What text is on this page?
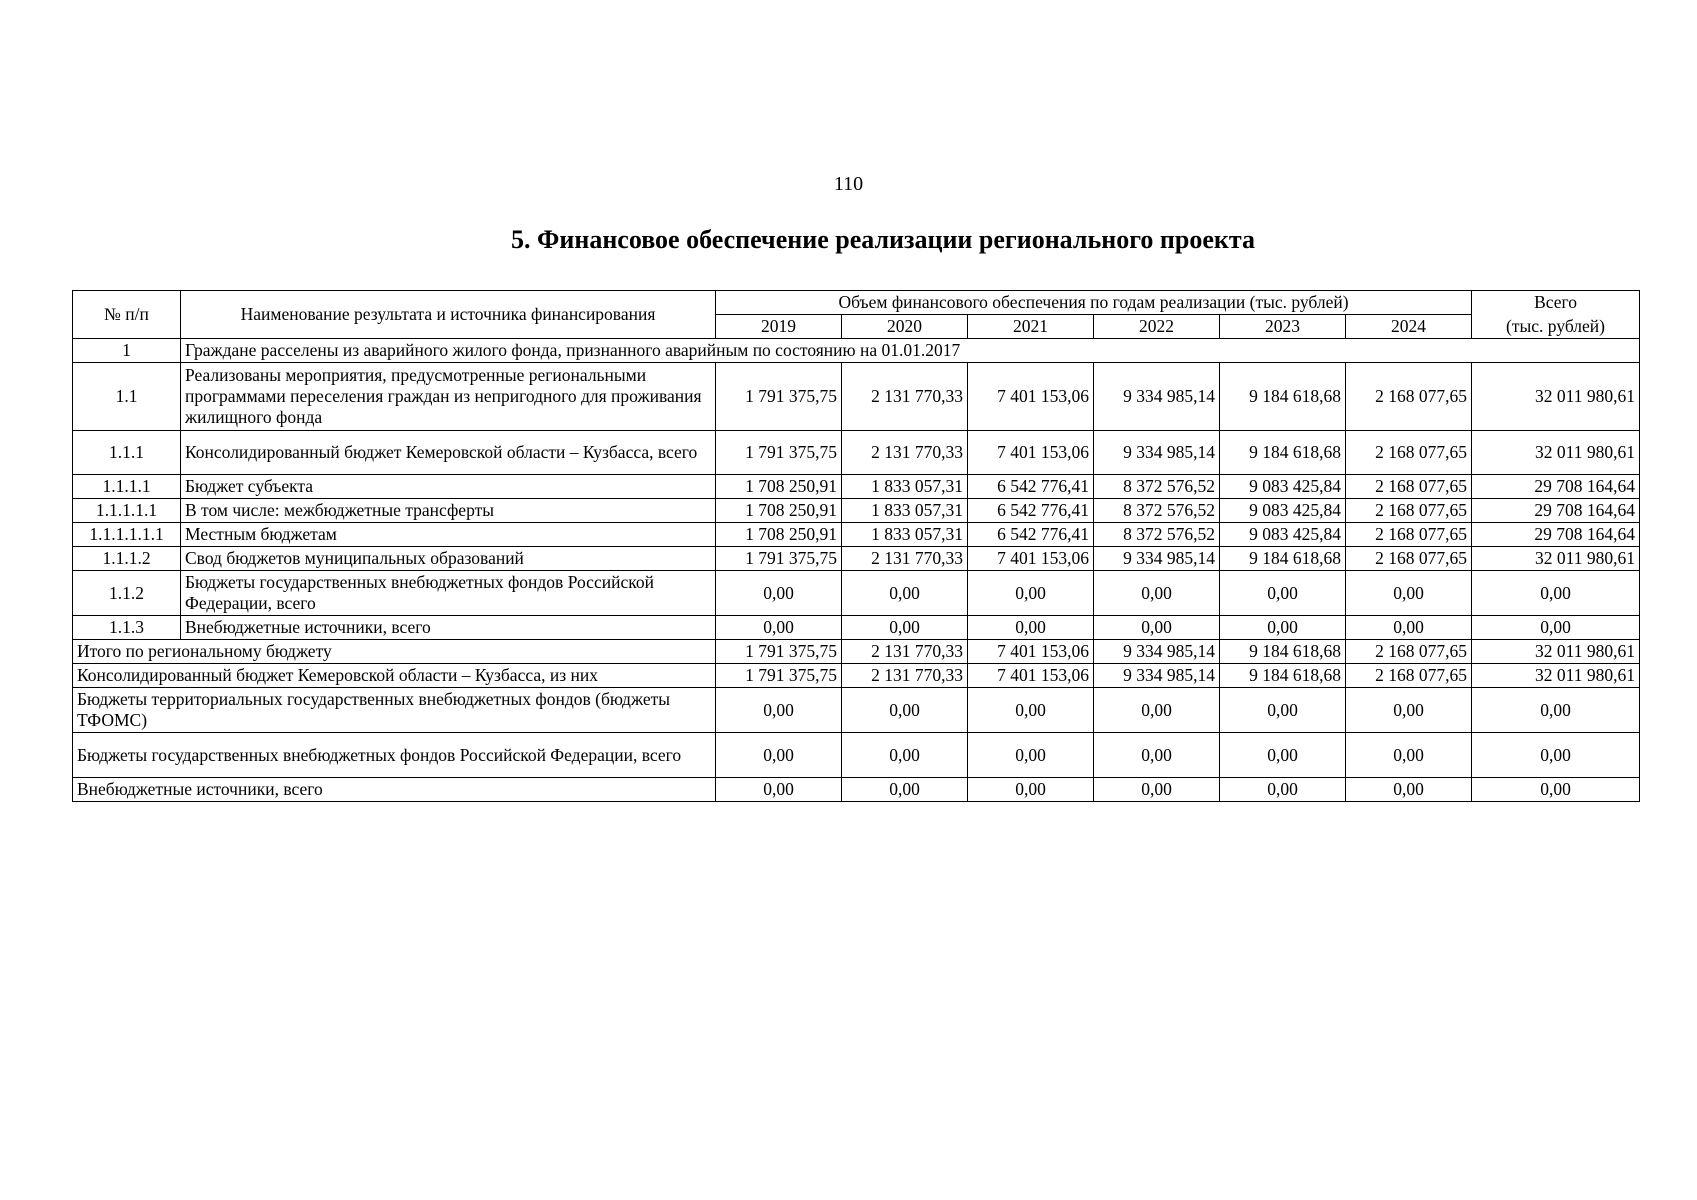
110
5. Финансовое обеспечение реализации регионального проекта
№ п/п	Наименование результата и источника финансирования	Объем финансового обеспечения по годам реализации (тыс. рублей)						Всего
		2019	2020	2021	2022	2023	2024	(тыс. рублей)
1	Граждане расселены из аварийного жилого фонда, признанного аварийным по состоянию на 01.01.2017							
1.1	Реализованы мероприятия, предусмотренные региональными программами переселения граждан из непригодного для проживания жилищного фонда	1 791 375,75	2 131 770,33	7 401 153,06	9 334 985,14	9 184 618,68	2 168 077,65	32 011 980,61
1.1.1	Консолидированный бюджет Кемеровской области – Кузбасса, всего	1 791 375,75	2 131 770,33	7 401 153,06	9 334 985,14	9 184 618,68	2 168 077,65	32 011 980,61
1.1.1.1	Бюджет субъекта	1 708 250,91	1 833 057,31	6 542 776,41	8 372 576,52	9 083 425,84	2 168 077,65	29 708 164,64
1.1.1.1.1	В том числе: межбюджетные трансферты	1 708 250,91	1 833 057,31	6 542 776,41	8 372 576,52	9 083 425,84	2 168 077,65	29 708 164,64
1.1.1.1.1.1	Местным бюджетам	1 708 250,91	1 833 057,31	6 542 776,41	8 372 576,52	9 083 425,84	2 168 077,65	29 708 164,64
1.1.1.2	Свод бюджетов муниципальных образований	1 791 375,75	2 131 770,33	7 401 153,06	9 334 985,14	9 184 618,68	2 168 077,65	32 011 980,61
1.1.2	Бюджеты государственных внебюджетных фондов Российской Федерации, всего	0,00	0,00	0,00	0,00	0,00	0,00	0,00
1.1.3	Внебюджетные источники, всего	0,00	0,00	0,00	0,00	0,00	0,00	0,00
Итого по региональному бюджету		1 791 375,75	2 131 770,33	7 401 153,06	9 334 985,14	9 184 618,68	2 168 077,65	32 011 980,61
Консолидированный бюджет Кемеровской области – Кузбасса, из них		1 791 375,75	2 131 770,33	7 401 153,06	9 334 985,14	9 184 618,68	2 168 077,65	32 011 980,61
Бюджеты территориальных государственных внебюджетных фондов (бюджеты ТФОМС)		0,00	0,00	0,00	0,00	0,00	0,00	0,00
Бюджеты государственных внебюджетных фондов Российской Федерации, всего		0,00	0,00	0,00	0,00	0,00	0,00	0,00
Внебюджетные источники, всего		0,00	0,00	0,00	0,00	0,00	0,00	0,00
